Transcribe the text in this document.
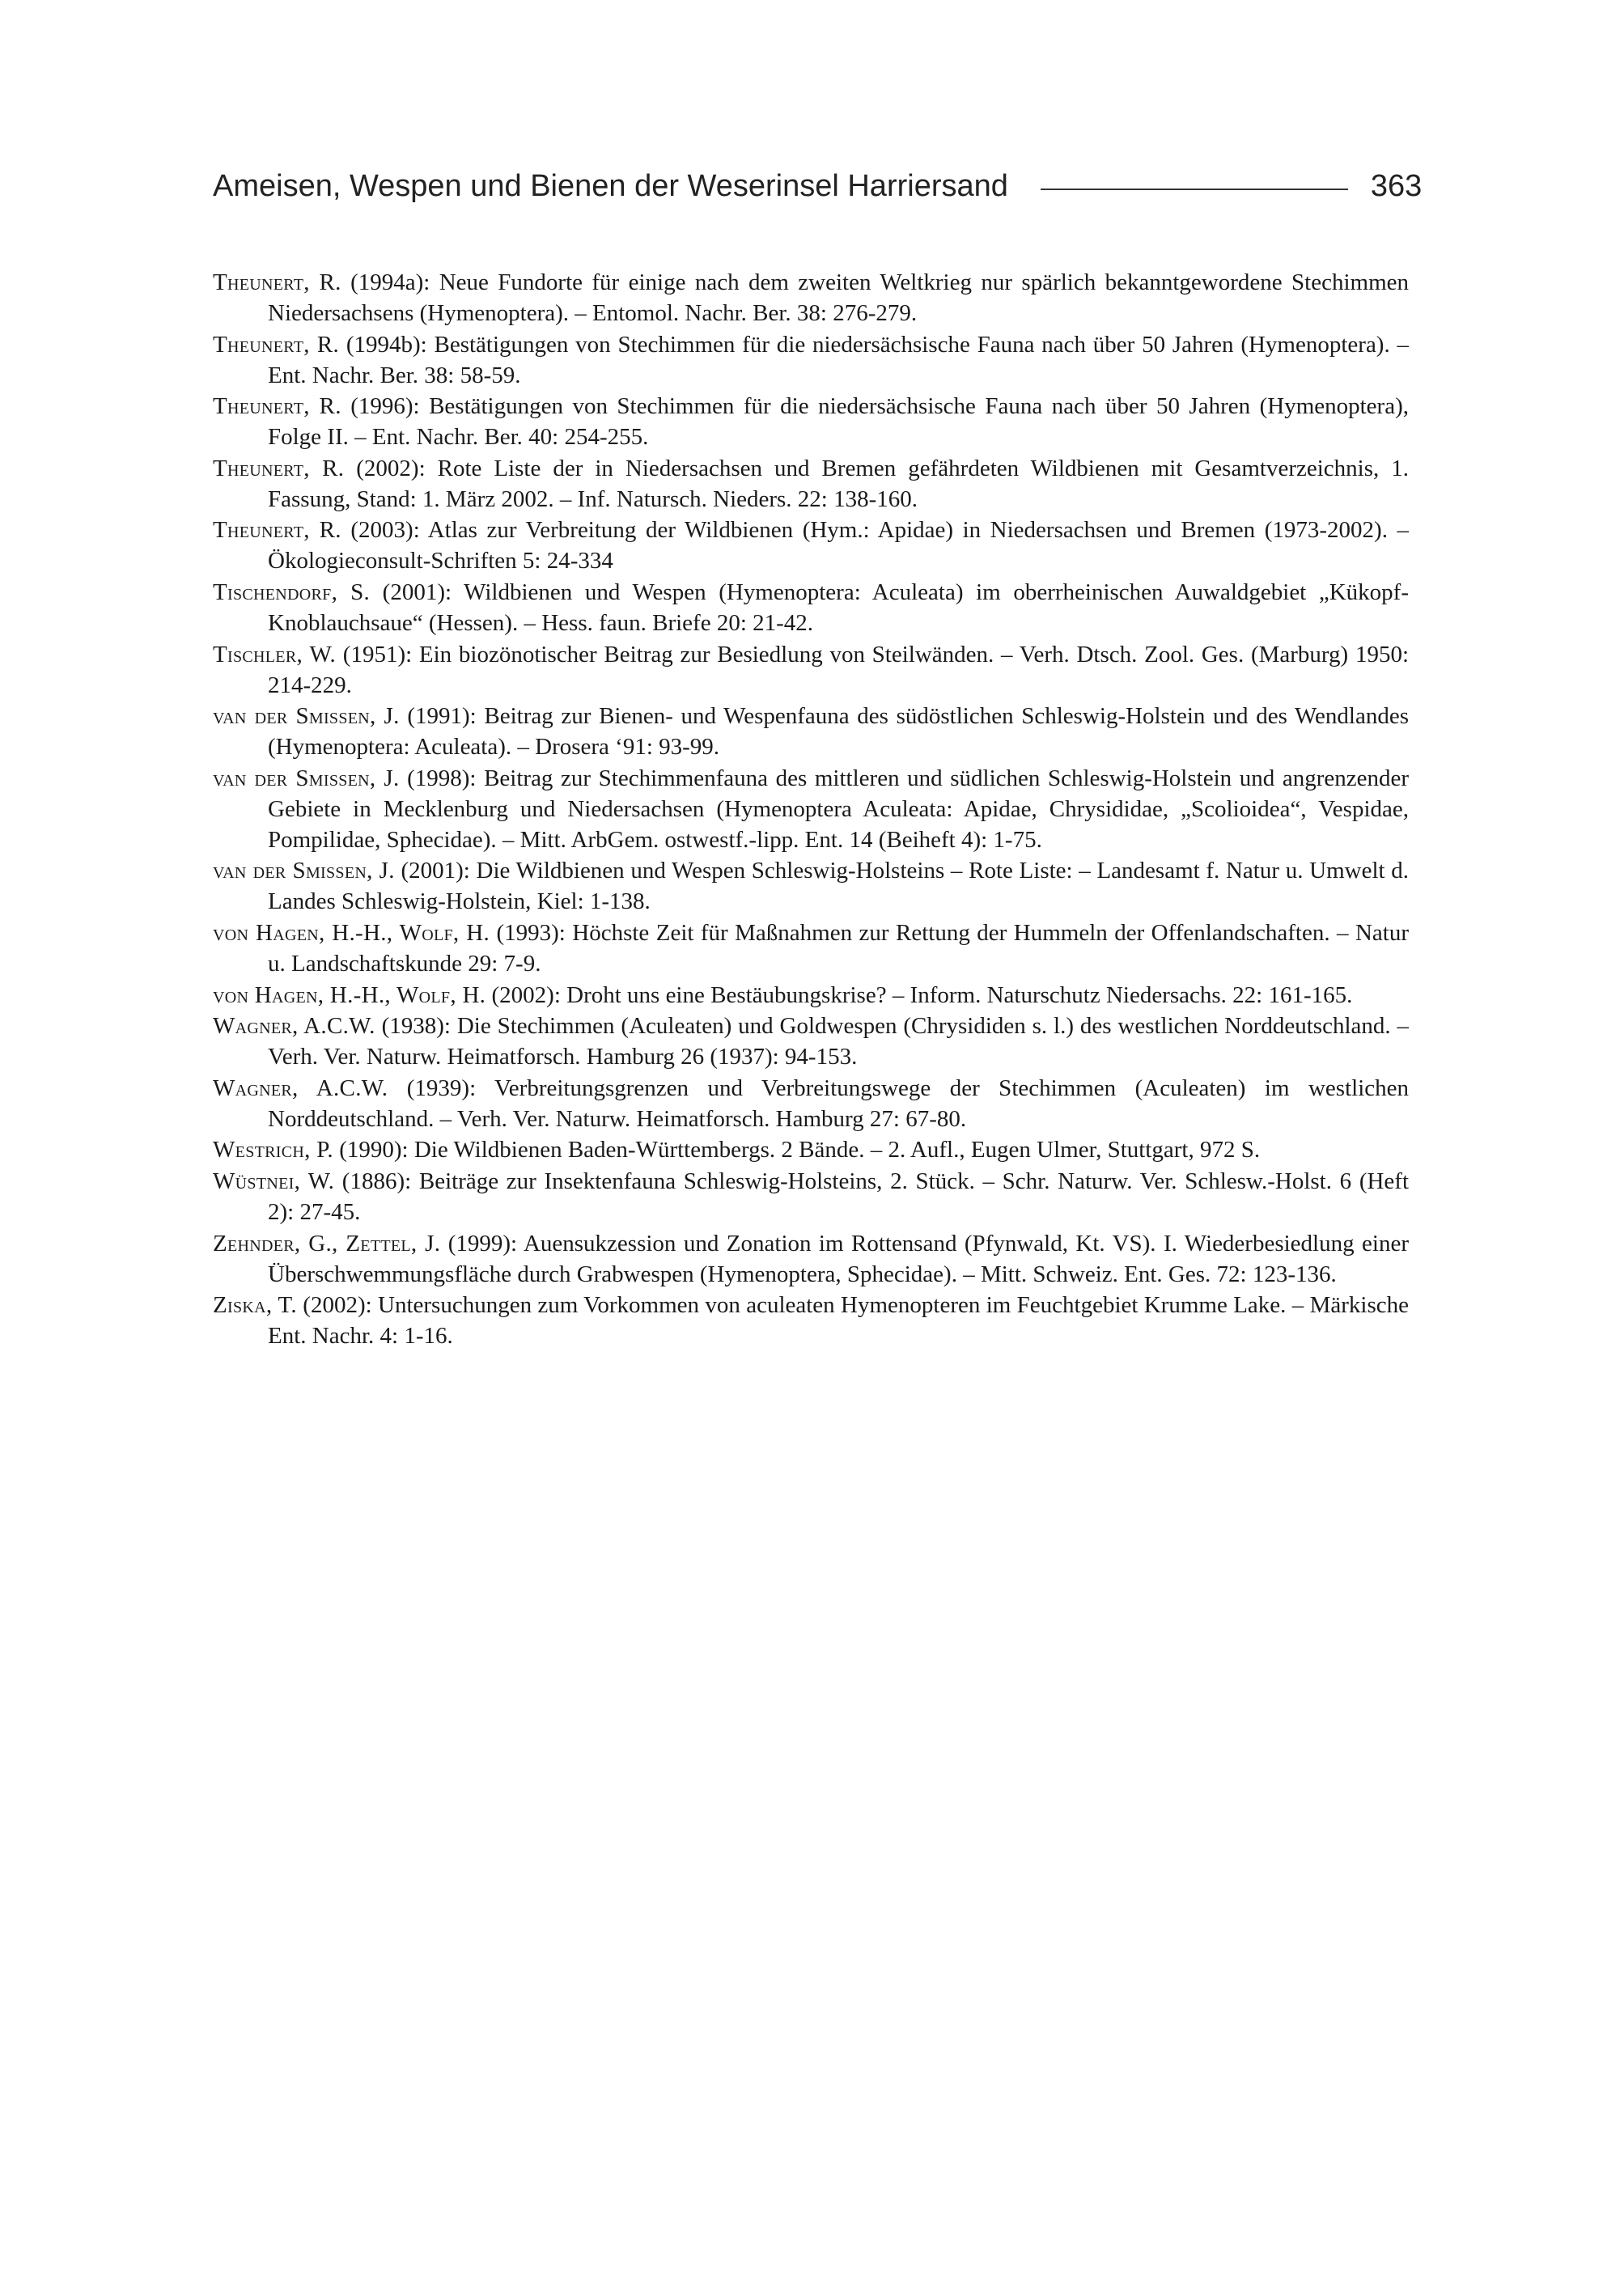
Ameisen, Wespen und Bienen der Weserinsel Harriersand	363
Theunert, R. (1994a): Neue Fundorte für einige nach dem zweiten Weltkrieg nur spärlich bekanntgewordene Stechimmen Niedersachsens (Hymenoptera). – Entomol. Nachr. Ber. 38: 276-279.
Theunert, R. (1994b): Bestätigungen von Stechimmen für die niedersächsische Fauna nach über 50 Jahren (Hymenoptera). – Ent. Nachr. Ber. 38: 58-59.
Theunert, R. (1996): Bestätigungen von Stechimmen für die niedersächsische Fauna nach über 50 Jahren (Hymenoptera), Folge II. – Ent. Nachr. Ber. 40: 254-255.
Theunert, R. (2002): Rote Liste der in Niedersachsen und Bremen gefährdeten Wildbienen mit Gesamtverzeichnis, 1. Fassung, Stand: 1. März 2002. – Inf. Natursch. Nieders. 22: 138-160.
Theunert, R. (2003): Atlas zur Verbreitung der Wildbienen (Hym.: Apidae) in Niedersachsen und Bremen (1973-2002). – Ökologieconsult-Schriften 5: 24-334
Tischendorf, S. (2001): Wildbienen und Wespen (Hymenoptera: Aculeata) im oberrheinischen Auwaldgebiet „Kükopf-Knoblauchsaue“ (Hessen). – Hess. faun. Briefe 20: 21-42.
Tischler, W. (1951): Ein biozönotischer Beitrag zur Besiedlung von Steilwänden. – Verh. Dtsch. Zool. Ges. (Marburg) 1950: 214-229.
van der Smissen, J. (1991): Beitrag zur Bienen- und Wespenfauna des südöstlichen Schleswig-Holstein und des Wendlandes (Hymenoptera: Aculeata). – Drosera ‘91: 93-99.
van der Smissen, J. (1998): Beitrag zur Stechimmenfauna des mittleren und südlichen Schleswig-Holstein und angrenzender Gebiete in Mecklenburg und Niedersachsen (Hymenoptera Aculeata: Apidae, Chrysididae, „Scolioidea“, Vespidae, Pompilidae, Sphecidae). – Mitt. ArbGem. ostwestf.-lipp. Ent. 14 (Beiheft 4): 1-75.
van der Smissen, J. (2001): Die Wildbienen und Wespen Schleswig-Holsteins – Rote Liste: – Landesamt f. Natur u. Umwelt d. Landes Schleswig-Holstein, Kiel: 1-138.
von Hagen, H.-H., Wolf, H. (1993): Höchste Zeit für Maßnahmen zur Rettung der Hummeln der Offenlandschaften. – Natur u. Landschaftskunde 29: 7-9.
von Hagen, H.-H., Wolf, H. (2002): Droht uns eine Bestäubungskrise? – Inform. Naturschutz Niedersachs. 22: 161-165.
Wagner, A.C.W. (1938): Die Stechimmen (Aculeaten) und Goldwespen (Chrysididen s. l.) des westlichen Norddeutschland. – Verh. Ver. Naturw. Heimatforsch. Hamburg 26 (1937): 94-153.
Wagner, A.C.W. (1939): Verbreitungsgrenzen und Verbreitungswege der Stechimmen (Aculeaten) im westlichen Norddeutschland. – Verh. Ver. Naturw. Heimatforsch. Hamburg 27: 67-80.
Westrich, P. (1990): Die Wildbienen Baden-Württembergs. 2 Bände. – 2. Aufl., Eugen Ulmer, Stuttgart, 972 S.
Wüstnei, W. (1886): Beiträge zur Insektenfauna Schleswig-Holsteins, 2. Stück. – Schr. Naturw. Ver. Schlesw.-Holst. 6 (Heft 2): 27-45.
Zehnder, G., Zettel, J. (1999): Auensukzession und Zonation im Rottensand (Pfynwald, Kt. VS). I. Wiederbesiedlung einer Überschwemmungsfläche durch Grabwespen (Hymenoptera, Sphecidae). – Mitt. Schweiz. Ent. Ges. 72: 123-136.
Ziska, T. (2002): Untersuchungen zum Vorkommen von aculeaten Hymenopteren im Feuchtgebiet Krumme Lake. – Märkische Ent. Nachr. 4: 1-16.
